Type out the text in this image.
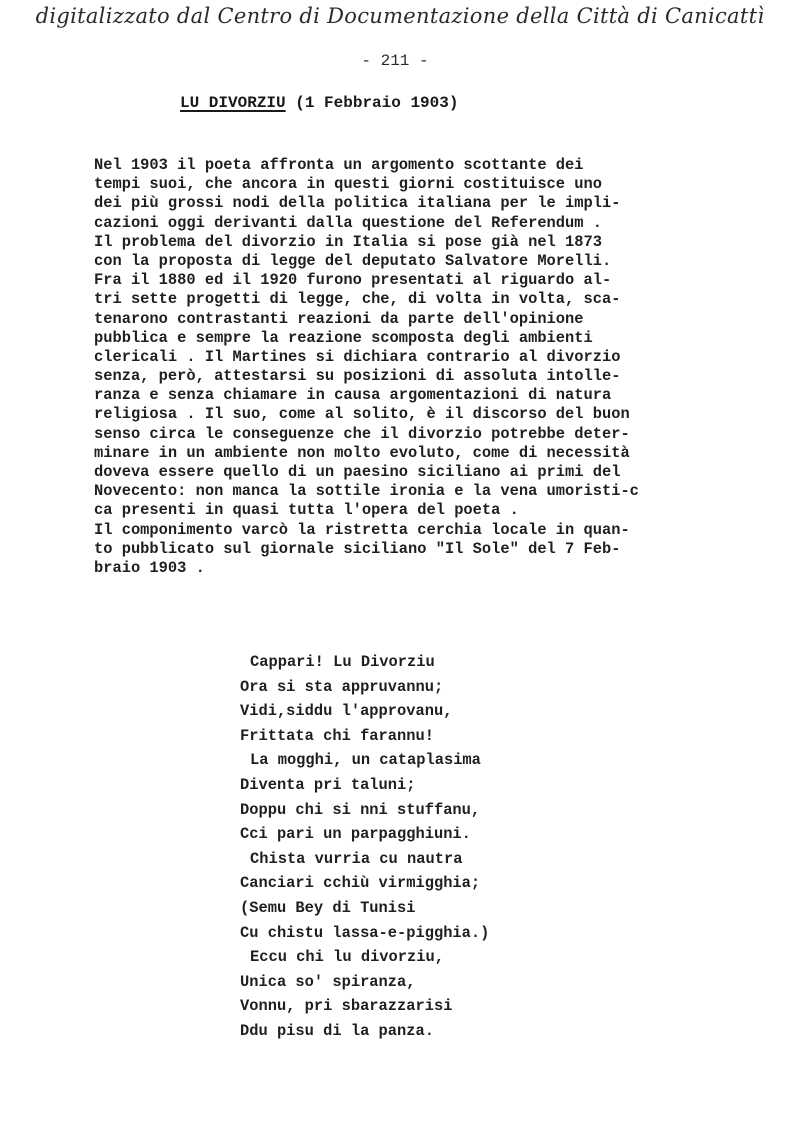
digitalizzato dal Centro di Documentazione della Città di Canicattì
- 211 -
LU DIVORZIU (1 Febbraio 1903)
Nel 1903 il poeta affronta un argomento scottante dei
tempi suoi, che ancora in questi giorni costituisce uno
dei più grossi nodi della politica italiana per le impli-
cazioni oggi derivanti dalla questione del Referendum .
Il problema del divorzio in Italia si pose già nel 1873
con la proposta di legge del deputato Salvatore Morelli.
Fra il 1880 ed il 1920 furono presentati al riguardo al-
tri sette progetti di legge, che, di volta in volta, sca-
tenarono contrastanti reazioni da parte dell'opinione
pubblica e sempre la reazione scomposta degli ambienti
clericali . Il Martines si dichiara contrario al divorzio
senza, però, attestarsi su posizioni di assoluta intolle-
ranza e senza chiamare in causa argomentazioni di natura
religiosa . Il suo, come al solito, è il discorso del buon
senso circa le conseguenze che il divorzio potrebbe deter-
minare in un ambiente non molto evoluto, come di necessità
doveva essere quello di un paesino siciliano ai primi del
Novecento: non manca la sottile ironia e la vena umoristi-c
ca presenti in quasi tutta l'opera del poeta .
Il componimento varcò la ristretta cerchia locale in quan-
to pubblicato sul giornale siciliano "Il Sole" del 7 Feb-
braio 1903 .
Cappari! Lu Divorziu
Ora si sta appruvannu;
Vidi,siddu l'approvanu,
Frittata chi farannu!
La mogghi, un cataplasima
Diventa pri taluni;
Doppu chi si nni stuffanu,
Cci pari un parpagghiuni.
Chista vurria cu nautra
Canciari cchiù virmigghia;
(Semu Bey di Tunisi
Cu chistu lassa-e-pigghia.)
Eccu chi lu divorziu,
Unica so' spiranza,
Vonnu, pri sbarazzarisi
Ddu pisu di la panza.
